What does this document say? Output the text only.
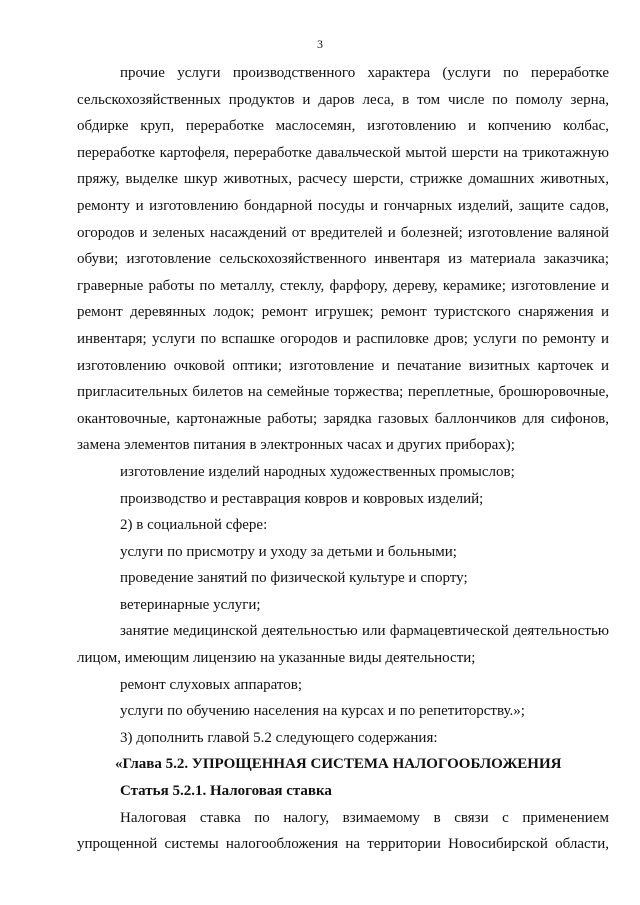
3

прочие услуги производственного характера (услуги по переработке сельскохозяйственных продуктов и даров леса, в том числе по помолу зерна, обдирке круп, переработке маслосемян, изготовлению и копчению колбас, переработке картофеля, переработке давальческой мытой шерсти на трикотажную пряжу, выделке шкур животных, расчесу шерсти, стрижке домашних животных, ремонту и изготовлению бондарной посуды и гончарных изделий, защите садов, огородов и зеленых насаждений от вредителей и болезней; изготовление валяной обуви; изготовление сельскохозяйственного инвентаря из материала заказчика; граверные работы по металлу, стеклу, фарфору, дереву, керамике; изготовление и ремонт деревянных лодок; ремонт игрушек; ремонт туристского снаряжения и инвентаря; услуги по вспашке огородов и распиловке дров; услуги по ремонту и изготовлению очковой оптики; изготовление и печатание визитных карточек и пригласительных билетов на семейные торжества; переплетные, брошюровочные, окантовочные, картонажные работы; зарядка газовых баллончиков для сифонов, замена элементов питания в электронных часах и других приборах);

изготовление изделий народных художественных промыслов;

производство и реставрация ковров и ковровых изделий;

2) в социальной сфере:

услуги по присмотру и уходу за детьми и больными;

проведение занятий по физической культуре и спорту;

ветеринарные услуги;

занятие медицинской деятельностью или фармацевтической деятельностью лицом, имеющим лицензию на указанные виды деятельности;

ремонт слуховых аппаратов;

услуги по обучению населения на курсах и по репетиторству.»;

3) дополнить главой 5.2 следующего содержания:

«Глава 5.2. УПРОЩЕННАЯ СИСТЕМА НАЛОГООБЛОЖЕНИЯ

Статья 5.2.1. Налоговая ставка

Налоговая ставка по налогу, взимаемому в связи с применением упрощенной системы налогообложения на территории Новосибирской области,
